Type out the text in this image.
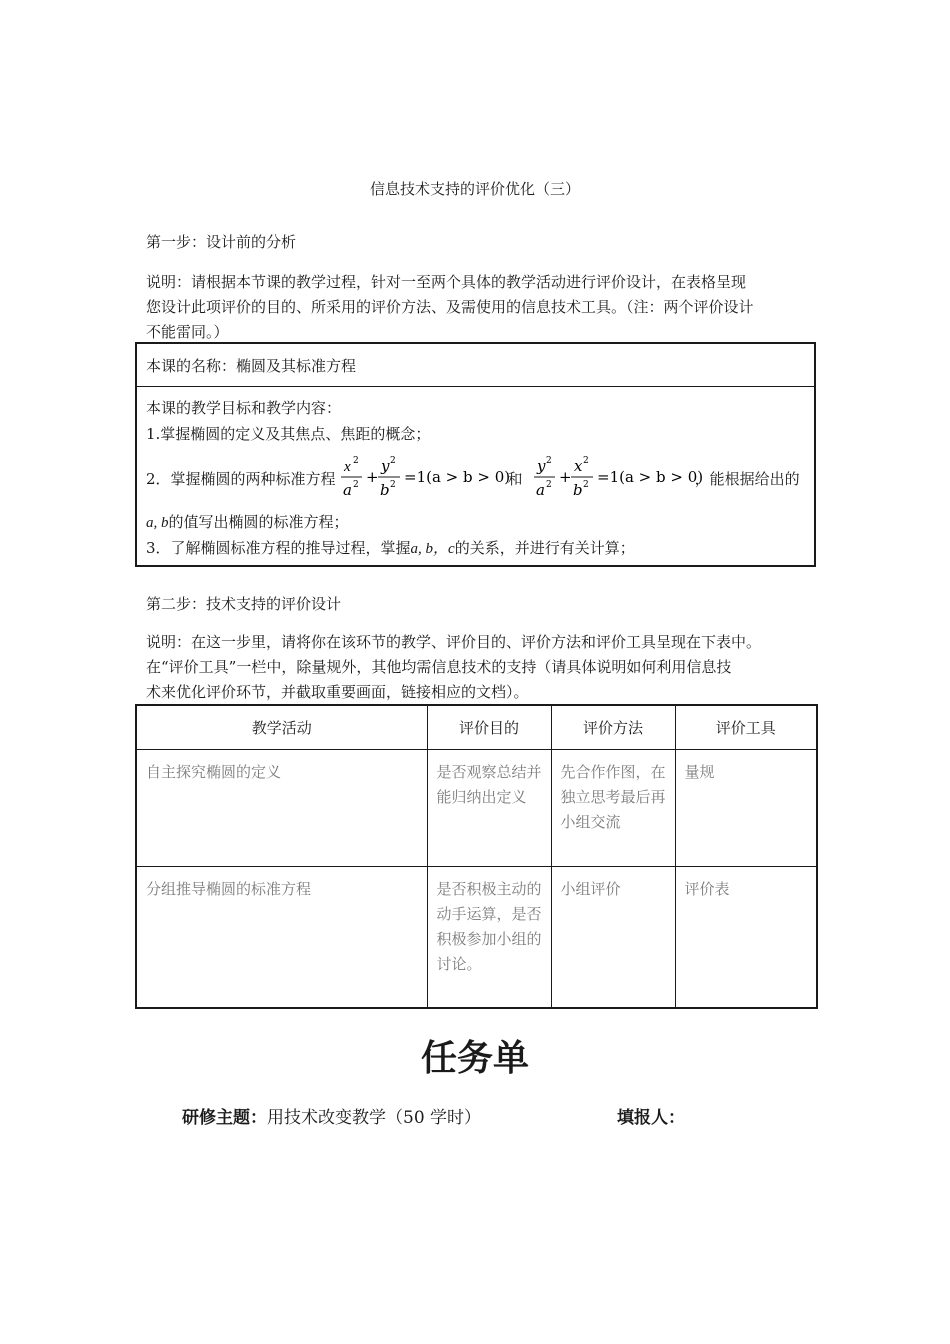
信息技术支持的评价优化（三）
第一步：设计前的分析
说明：请根据本节课的教学过程，针对一至两个具体的教学活动进行评价设计，在表格呈现
您设计此项评价的目的、所采用的评价方法、及需使用的信息技术工具。（注：两个评价设计
不能雷同。）
本课的名称：椭圆及其标准方程

本课的教学目标和教学内容：
1.掌握椭圆的定义及其焦点、焦距的概念；
2．掌握椭圆的两种标准方程
x 2
a 2 +
y 2
b 2 =1(a > b > 0)
和
y 2
a 2 +
x 2
b 2 =1(a > b > 0)
，能根据给出的
a, b的值写出椭圆的标准方程；
3．了解椭圆标准方程的推导过程，掌握a, b，c的关系，并进行有关计算；
第二步：技术支持的评价设计
说明：在这一步里，请将你在该环节的教学、评价目的、评价方法和评价工具呈现在下表中。
在“评价工具”一栏中，除量规外，其他均需信息技术的支持（请具体说明如何利用信息技
术来优化评价环节，并截取重要画面，链接相应的文档）。
教学活动	评价目的	评价方法	评价工具
自主探究椭圆的定义	是否观察总结并能归纳出定义	先合作作图，在独立思考最后再小组交流	量规
分组推导椭圆的标准方程	是否积极主动的动手运算，是否积极参加小组的讨论。	小组评价	评价表
任务单
研修主题：用技术改变教学（50 学时）	填报人：
